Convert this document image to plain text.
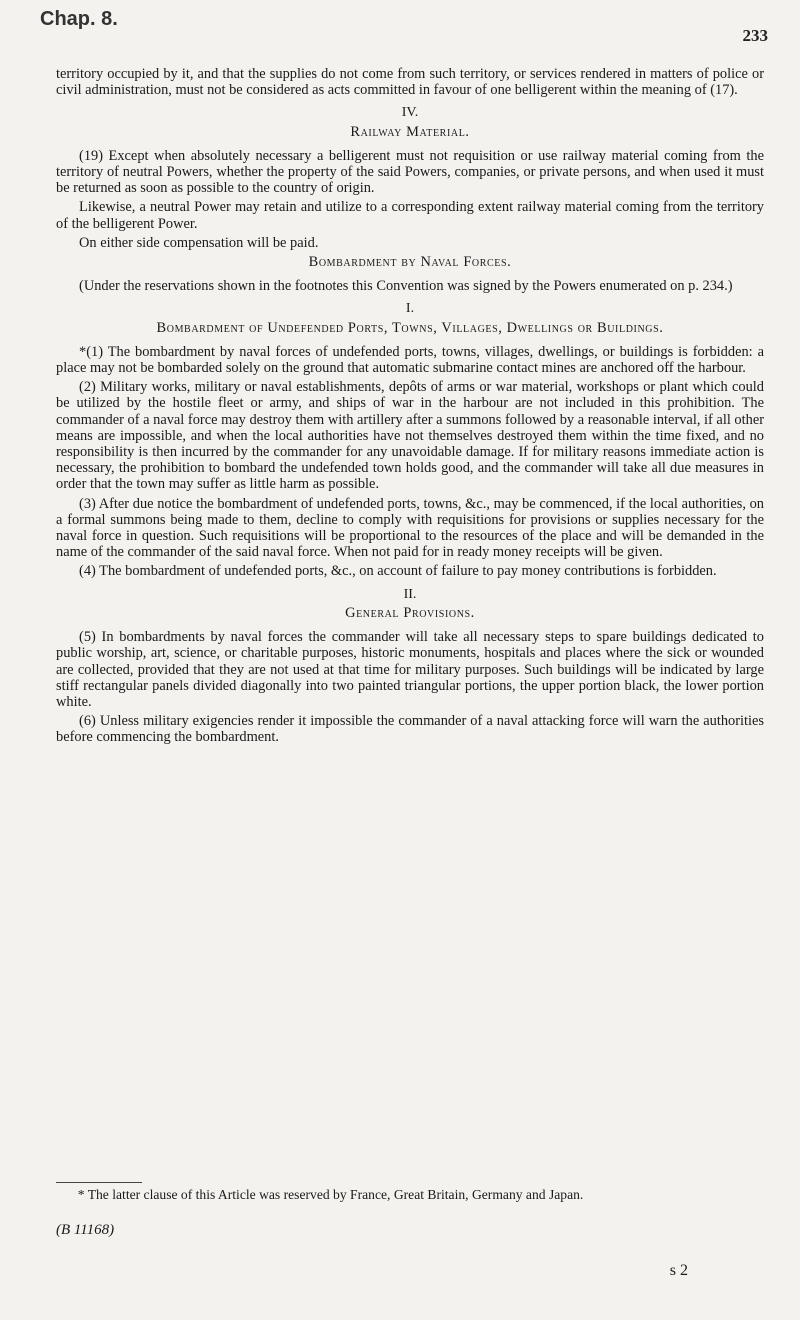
Chap. 8.
233

territory occupied by it, and that the supplies do not come from such territory, or services rendered in matters of police or civil administration, must not be considered as acts committed in favour of one belligerent within the meaning of (17).

IV.
Railway Material.

(19) Except when absolutely necessary a belligerent must not requisition or use railway material coming from the territory of neutral Powers, whether the property of the said Powers, companies, or private persons, and when used it must be returned as soon as possible to the country of origin.

Likewise, a neutral Power may retain and utilize to a corresponding extent railway material coming from the territory of the belligerent Power.

On either side compensation will be paid.

Bombardment by Naval Forces.

(Under the reservations shown in the footnotes this Convention was signed by the Powers enumerated on p. 234.)

I.
Bombardment of Undefended Ports, Towns, Villages, Dwellings or Buildings.

*(1) The bombardment by naval forces of undefended ports, towns, villages, dwellings, or buildings is forbidden: a place may not be bombarded solely on the ground that automatic submarine contact mines are anchored off the harbour.

(2) Military works, military or naval establishments, depôts of arms or war material, workshops or plant which could be utilized by the hostile fleet or army, and ships of war in the harbour are not included in this prohibition. The commander of a naval force may destroy them with artillery after a summons followed by a reasonable interval, if all other means are impossible, and when the local authorities have not themselves destroyed them within the time fixed, and no responsibility is then incurred by the commander for any unavoidable damage. If for military reasons immediate action is necessary, the prohibition to bombard the undefended town holds good, and the commander will take all due measures in order that the town may suffer as little harm as possible.

(3) After due notice the bombardment of undefended ports, towns, &c., may be commenced, if the local authorities, on a formal summons being made to them, decline to comply with requisitions for provisions or supplies necessary for the naval force in question. Such requisitions will be proportional to the resources of the place and will be demanded in the name of the commander of the said naval force. When not paid for in ready money receipts will be given.

(4) The bombardment of undefended ports, &c., on account of failure to pay money contributions is forbidden.

II.
General Provisions.

(5) In bombardments by naval forces the commander will take all necessary steps to spare buildings dedicated to public worship, art, science, or charitable purposes, historic monuments, hospitals and places where the sick or wounded are collected, provided that they are not used at that time for military purposes. Such buildings will be indicated by large stiff rectangular panels divided diagonally into two painted triangular portions, the upper portion black, the lower portion white.

(6) Unless military exigencies render it impossible the commander of a naval attacking force will warn the authorities before commencing the bombardment.

* The latter clause of this Article was reserved by France, Great Britain, Germany and Japan.
(B 11168)
s 2
